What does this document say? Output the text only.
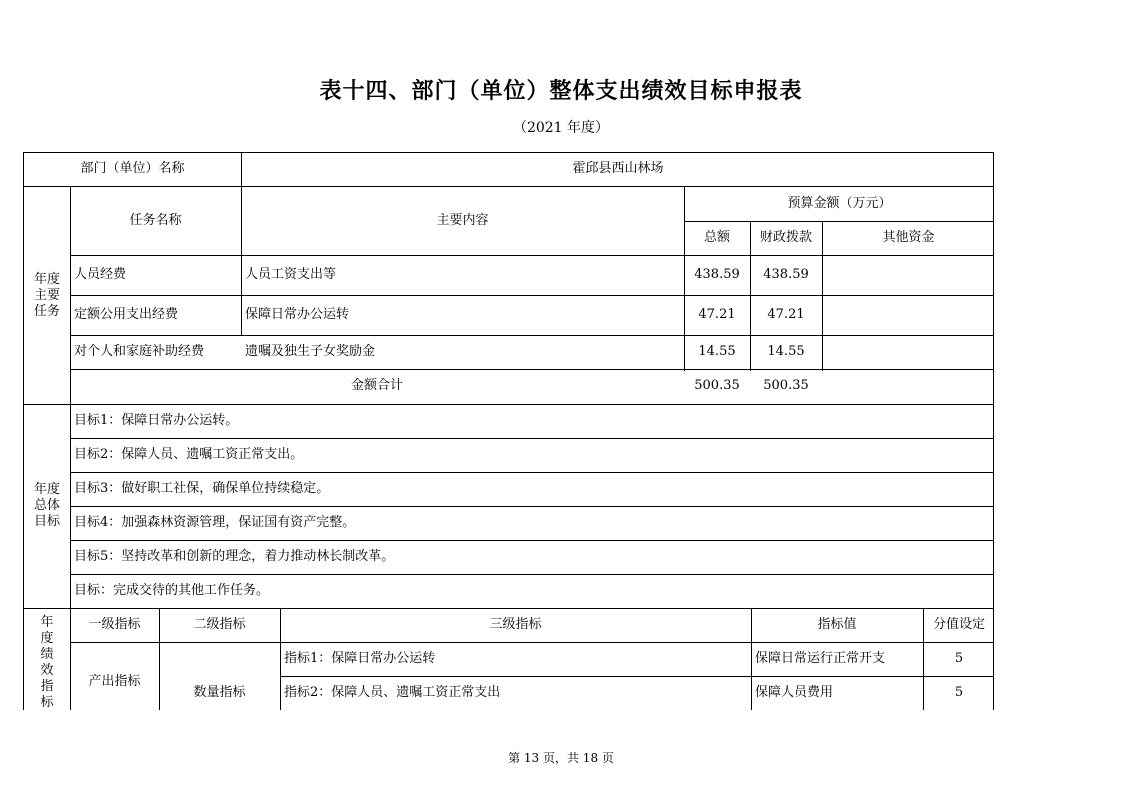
表十四、部门（单位）整体支出绩效目标申报表
（2021 年度）
部门（单位）名称	霍邱县西山林场
年度
主要
任务
任务名称	主要内容
预算金额（万元）
总额	财政拨款	其他资金
人员经费	人员工资支出等	438.59	438.59
定额公用支出经费	保障日常办公运转	47.21	47.21
对个人和家庭补助经费	遗嘱及独生子女奖励金	14.55	14.55
金额合计	500.35	500.35
年度
总体
目标
目标1：保障日常办公运转。
目标2：保障人员、遗嘱工资正常支出。
目标3：做好职工社保，确保单位持续稳定。
目标4：加强森林资源管理，保证国有资产完整。
目标5：坚持改革和创新的理念，着力推动林长制改革。
目标：完成交待的其他工作任务。
年
度
绩
效
指
标
一级指标	二级指标	三级指标	指标值	分值设定
产出指标
数量指标
指标1：保障日常办公运转	保障日常运行正常开支	5
指标2：保障人员、遗嘱工资正常支出	保障人员费用	5
第 13 页，共 18 页
